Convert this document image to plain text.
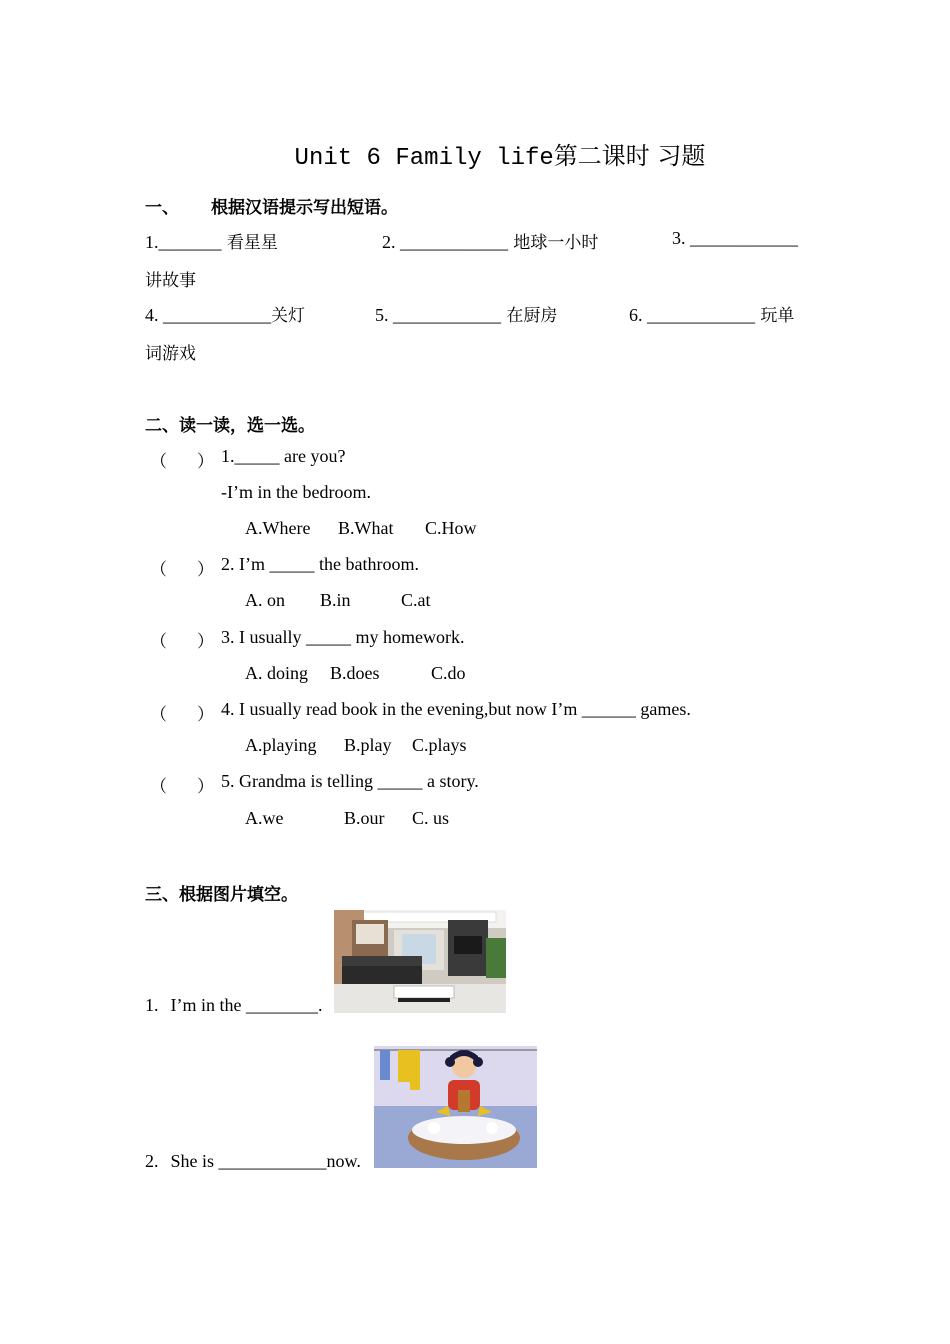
Unit 6 Family life第二课时 习题
一、 根据汉语提示写出短语。
1._______ 看星星	2. ____________ 地球一小时	3. ____________
讲故事
4. ____________关灯	5. ____________ 在厨房	6. ____________ 玩单
词游戏
二、读一读，选一选。
（ ） 1._____ are you?
-I’m in the bedroom.
A.Where B.What C.How
（ ） 2. I’m _____ the bathroom.
A. on B.in	C.at
（ ） 3. I usually _____ my homework.
A. doing B.does	C.do
（ ） 4. I usually read book in the evening,but now I’m ______ games.
A.playing B.play C.plays
（ ） 5. Grandma is telling _____ a story.
A.we	B.our C. us
三、根据图片填空。
1. I’m in the ________.
2. She is ____________now.
